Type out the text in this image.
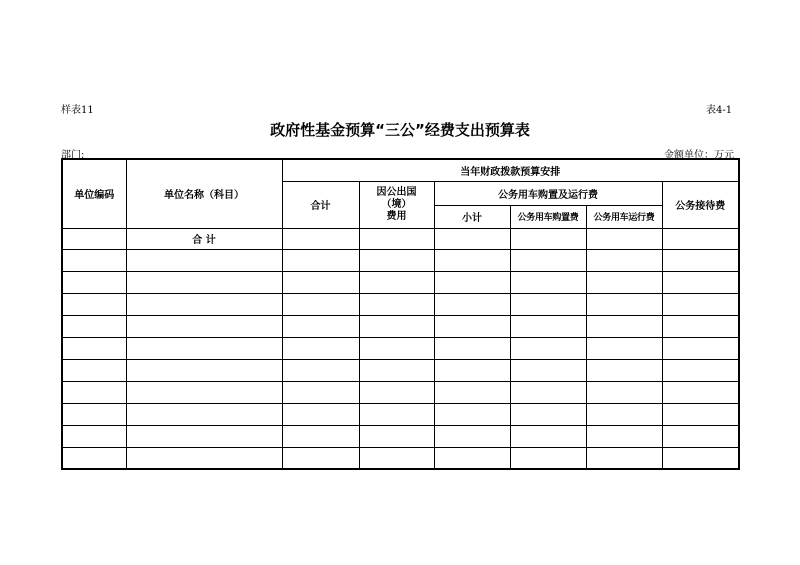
样表11	表4-1
政府性基金预算“三公”经费支出预算表
部门:	金额单位：万元
单位编码	单位名称（科目）	当年财政拨款预算安排					
		合计	因公出国
（境）
费用	公务用车购置及运行费			公务接待费
				小计	公务用车购置费	公务用车运行费	
	合 计						
